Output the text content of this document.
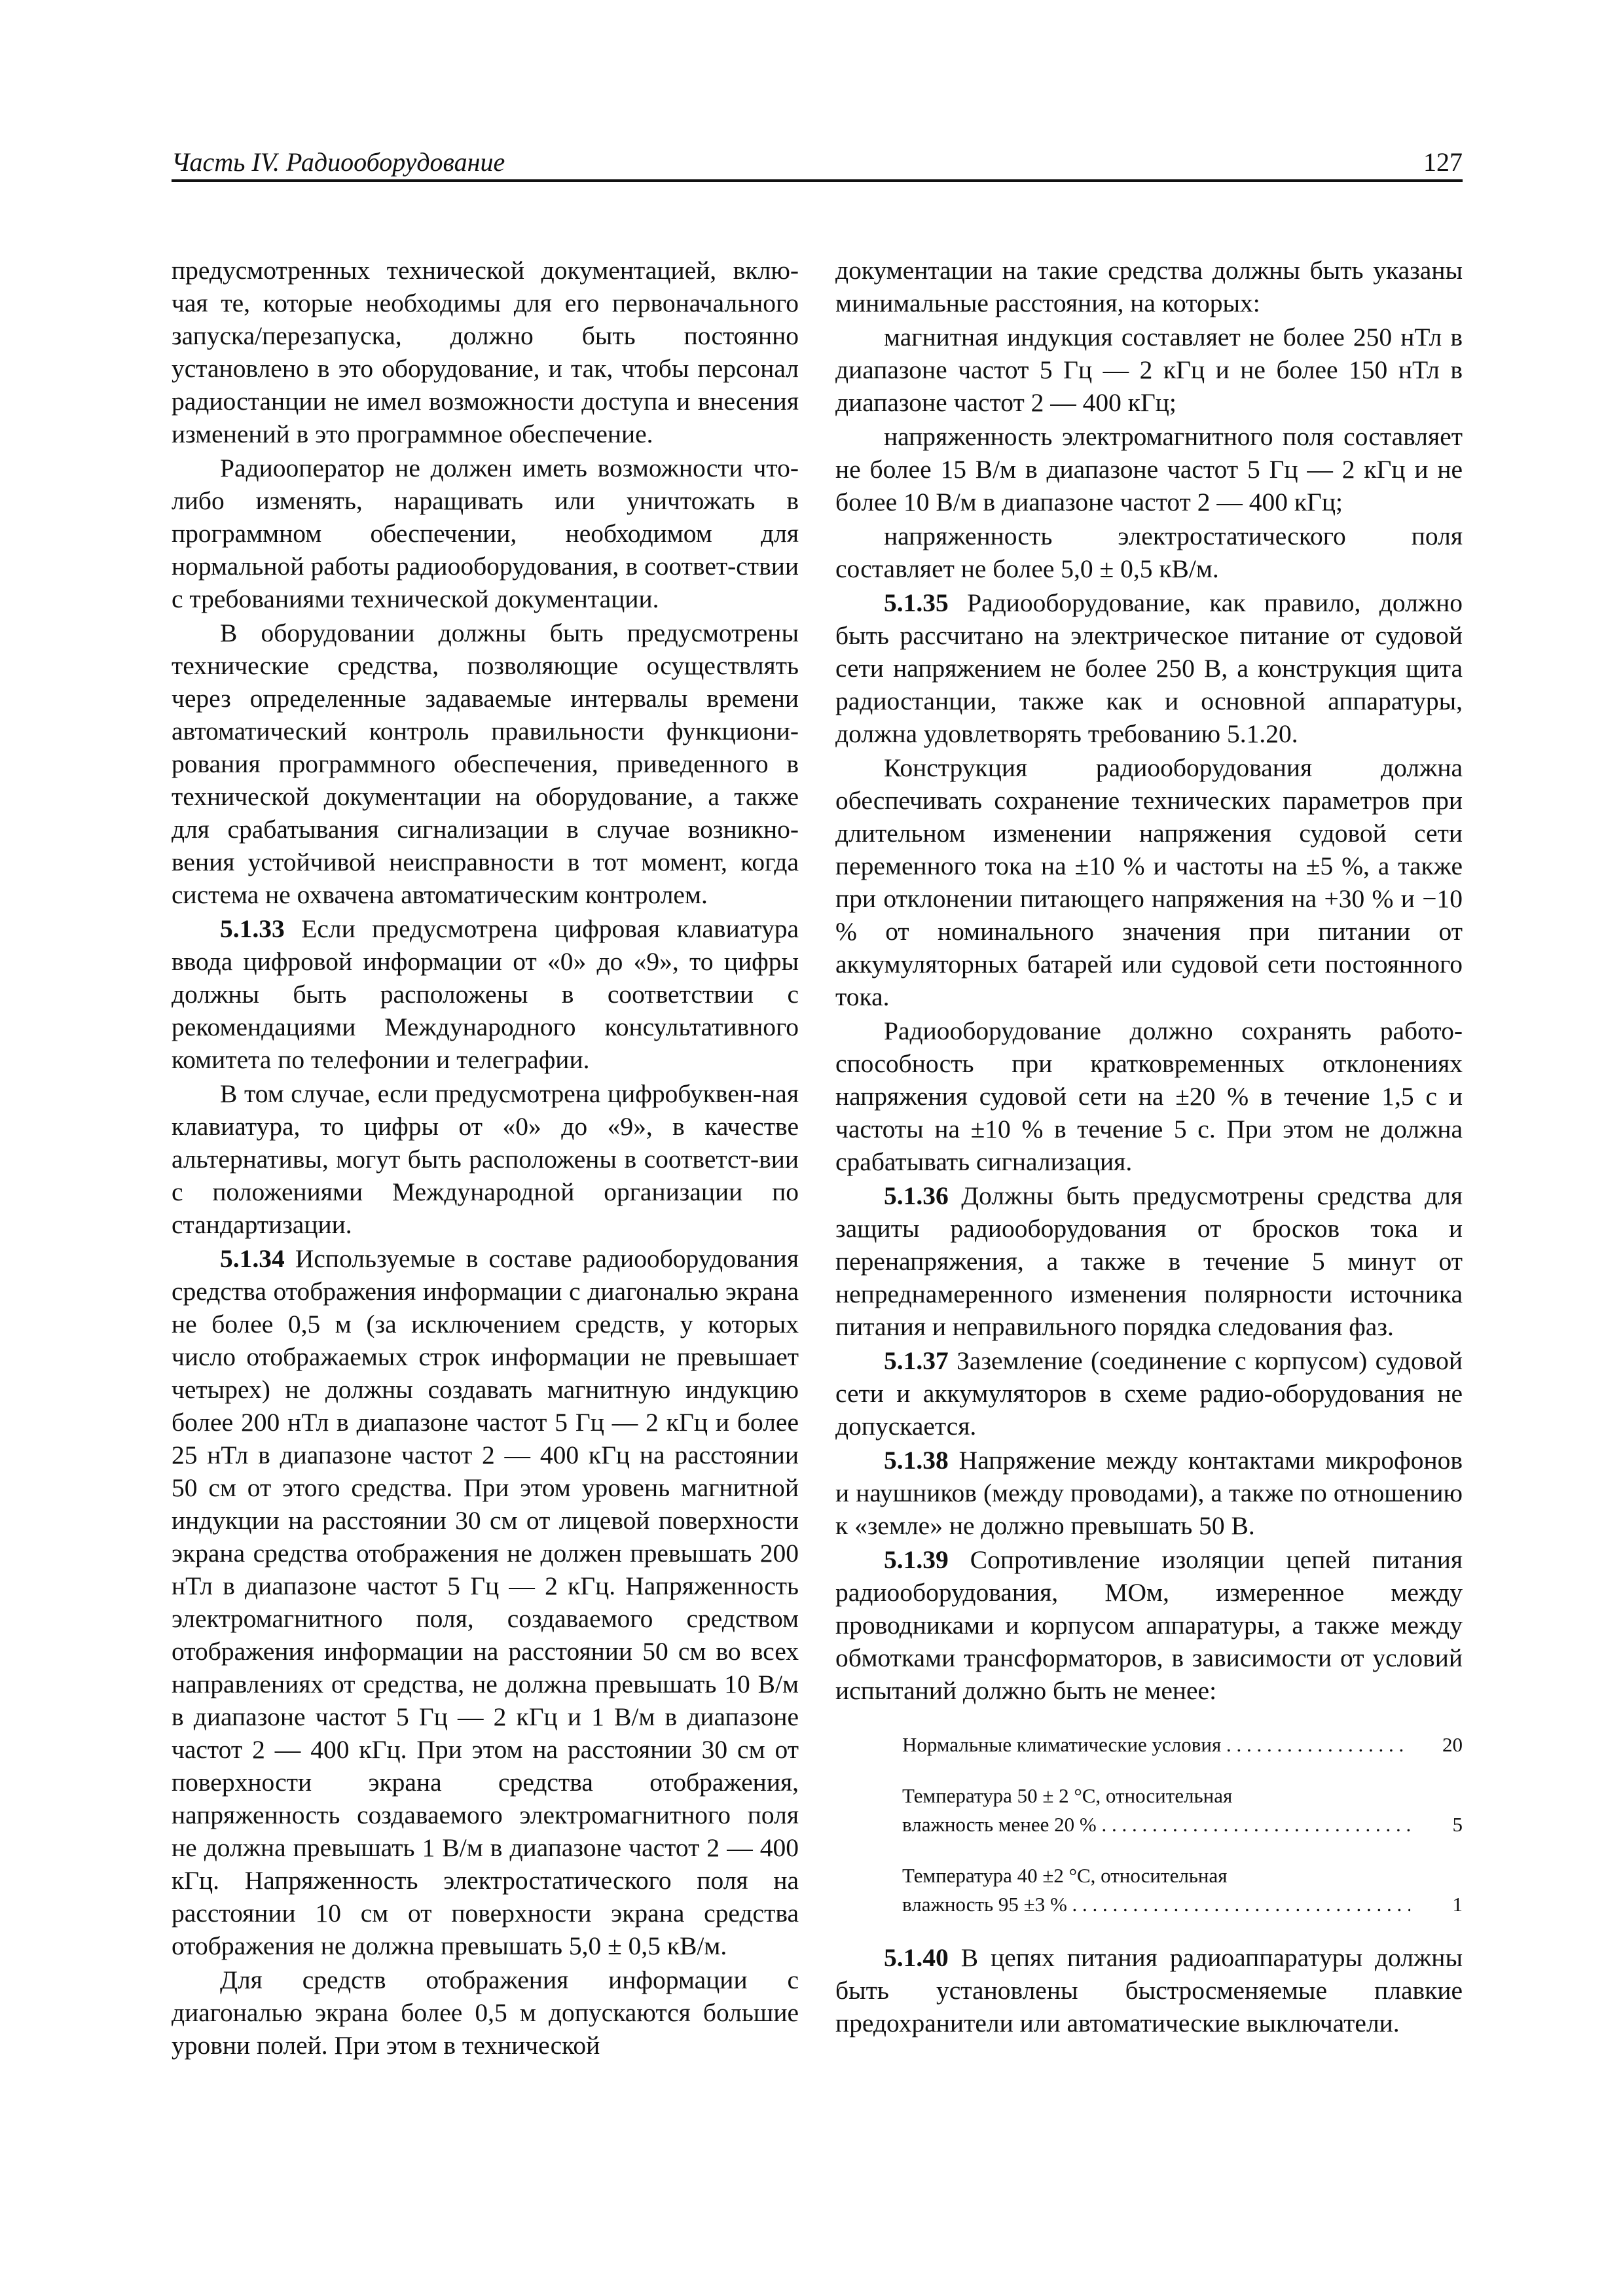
Часть IV. Радиооборудование	127

предусмотренных технической документацией, вклю-чая те, которые необходимы для его первоначального запуска/перезапуска, должно быть постоянно установлено в это оборудование, и так, чтобы персонал радиостанции не имел возможности доступа и внесения изменений в это программное обеспечение.

Радиооператор не должен иметь возможности что-либо изменять, наращивать или уничтожать в программном обеспечении, необходимом для нормальной работы радиооборудования, в соответ-ствии с требованиями технической документации.

В оборудовании должны быть предусмотрены технические средства, позволяющие осуществлять через определенные задаваемые интервалы времени автоматический контроль правильности функциони-рования программного обеспечения, приведенного в технической документации на оборудование, а также для срабатывания сигнализации в случае возникно-вения устойчивой неисправности в тот момент, когда система не охвачена автоматическим контролем.

5.1.33 Если предусмотрена цифровая клавиатура ввода цифровой информации от «0» до «9», то цифры должны быть расположены в соответствии с рекомендациями Международного консультативного комитета по телефонии и телеграфии.

В том случае, если предусмотрена цифробуквен-ная клавиатура, то цифры от «0» до «9», в качестве альтернативы, могут быть расположены в соответст-вии с положениями Международной организации по стандартизации.

5.1.34 Используемые в составе радиооборудования средства отображения информации с диагональю экрана не более 0,5 м (за исключением средств, у которых число отображаемых строк информации не превышает четырех) не должны создавать магнитную индукцию более 200 нТл в диапазоне частот 5 Гц — 2 кГц и более 25 нТл в диапазоне частот 2 — 400 кГц на расстоянии 50 см от этого средства. При этом уровень магнитной индукции на расстоянии 30 см от лицевой поверхности экрана средства отображения не должен превышать 200 нТл в диапазоне частот 5 Гц — 2 кГц. Напряженность электромагнитного поля, создаваемого средством отображения информации на расстоянии 50 см во всех направлениях от средства, не должна превышать 10 В/м в диапазоне частот 5 Гц — 2 кГц и 1 В/м в диапазоне частот 2 — 400 кГц. При этом на расстоянии 30 см от поверхности экрана средства отображения, напряженность создаваемого электромагнитного поля не должна превышать 1 В/м в диапазоне частот 2 — 400 кГц. Напряженность электростатического поля на расстоянии 10 см от поверхности экрана средства отображения не должна превышать 5,0 ± 0,5 кВ/м.

Для средств отображения информации с диагональю экрана более 0,5 м допускаются большие уровни полей. При этом в технической

документации на такие средства должны быть указаны минимальные расстояния, на которых:

магнитная индукция составляет не более 250 нТл в диапазоне частот 5 Гц — 2 кГц и не более 150 нТл в диапазоне частот 2 — 400 кГц;

напряженность электромагнитного поля составляет не более 15 В/м в диапазоне частот 5 Гц — 2 кГц и не более 10 В/м в диапазоне частот 2 — 400 кГц;

напряженность электростатического поля составляет не более 5,0 ± 0,5 кВ/м.

5.1.35 Радиооборудование, как правило, должно быть рассчитано на электрическое питание от судовой сети напряжением не более 250 В, а конструкция щита радиостанции, также как и основной аппаратуры, должна удовлетворять требованию 5.1.20.

Конструкция радиооборудования должна обеспечивать сохранение технических параметров при длительном изменении напряжения судовой сети переменного тока на ±10 % и частоты на ±5 %, а также при отклонении питающего напряжения на +30 % и −10 % от номинального значения при питании от аккумуляторных батарей или судовой сети постоянного тока.

Радиооборудование должно сохранять работо-способность при кратковременных отклонениях напряжения судовой сети на ±20 % в течение 1,5 с и частоты на ±10 % в течение 5 с. При этом не должна срабатывать сигнализация.

5.1.36 Должны быть предусмотрены средства для защиты радиооборудования от бросков тока и перенапряжения, а также в течение 5 минут от непреднамеренного изменения полярности источника питания и неправильного порядка следования фаз.

5.1.37 Заземление (соединение с корпусом) судовой сети и аккумуляторов в схеме радио-оборудования не допускается.

5.1.38 Напряжение между контактами микрофонов и наушников (между проводами), а также по отношению к «земле» не должно превышать 50 В.

5.1.39 Сопротивление изоляции цепей питания радиооборудования, МОм, измеренное между проводниками и корпусом аппаратуры, а также между обмотками трансформаторов, в зависимости от условий испытаний должно быть не менее:

Нормальные климатические условия . . .	20
Температура 50 ± 2 °С, относительная
влажность менее 20 % . . .	5
Температура 40 ±2 °С, относительная
влажность 95 ±3 % . . .	1

5.1.40 В цепях питания радиоаппаратуры должны быть установлены быстросменяемые плавкие предохранители или автоматические выключатели.
